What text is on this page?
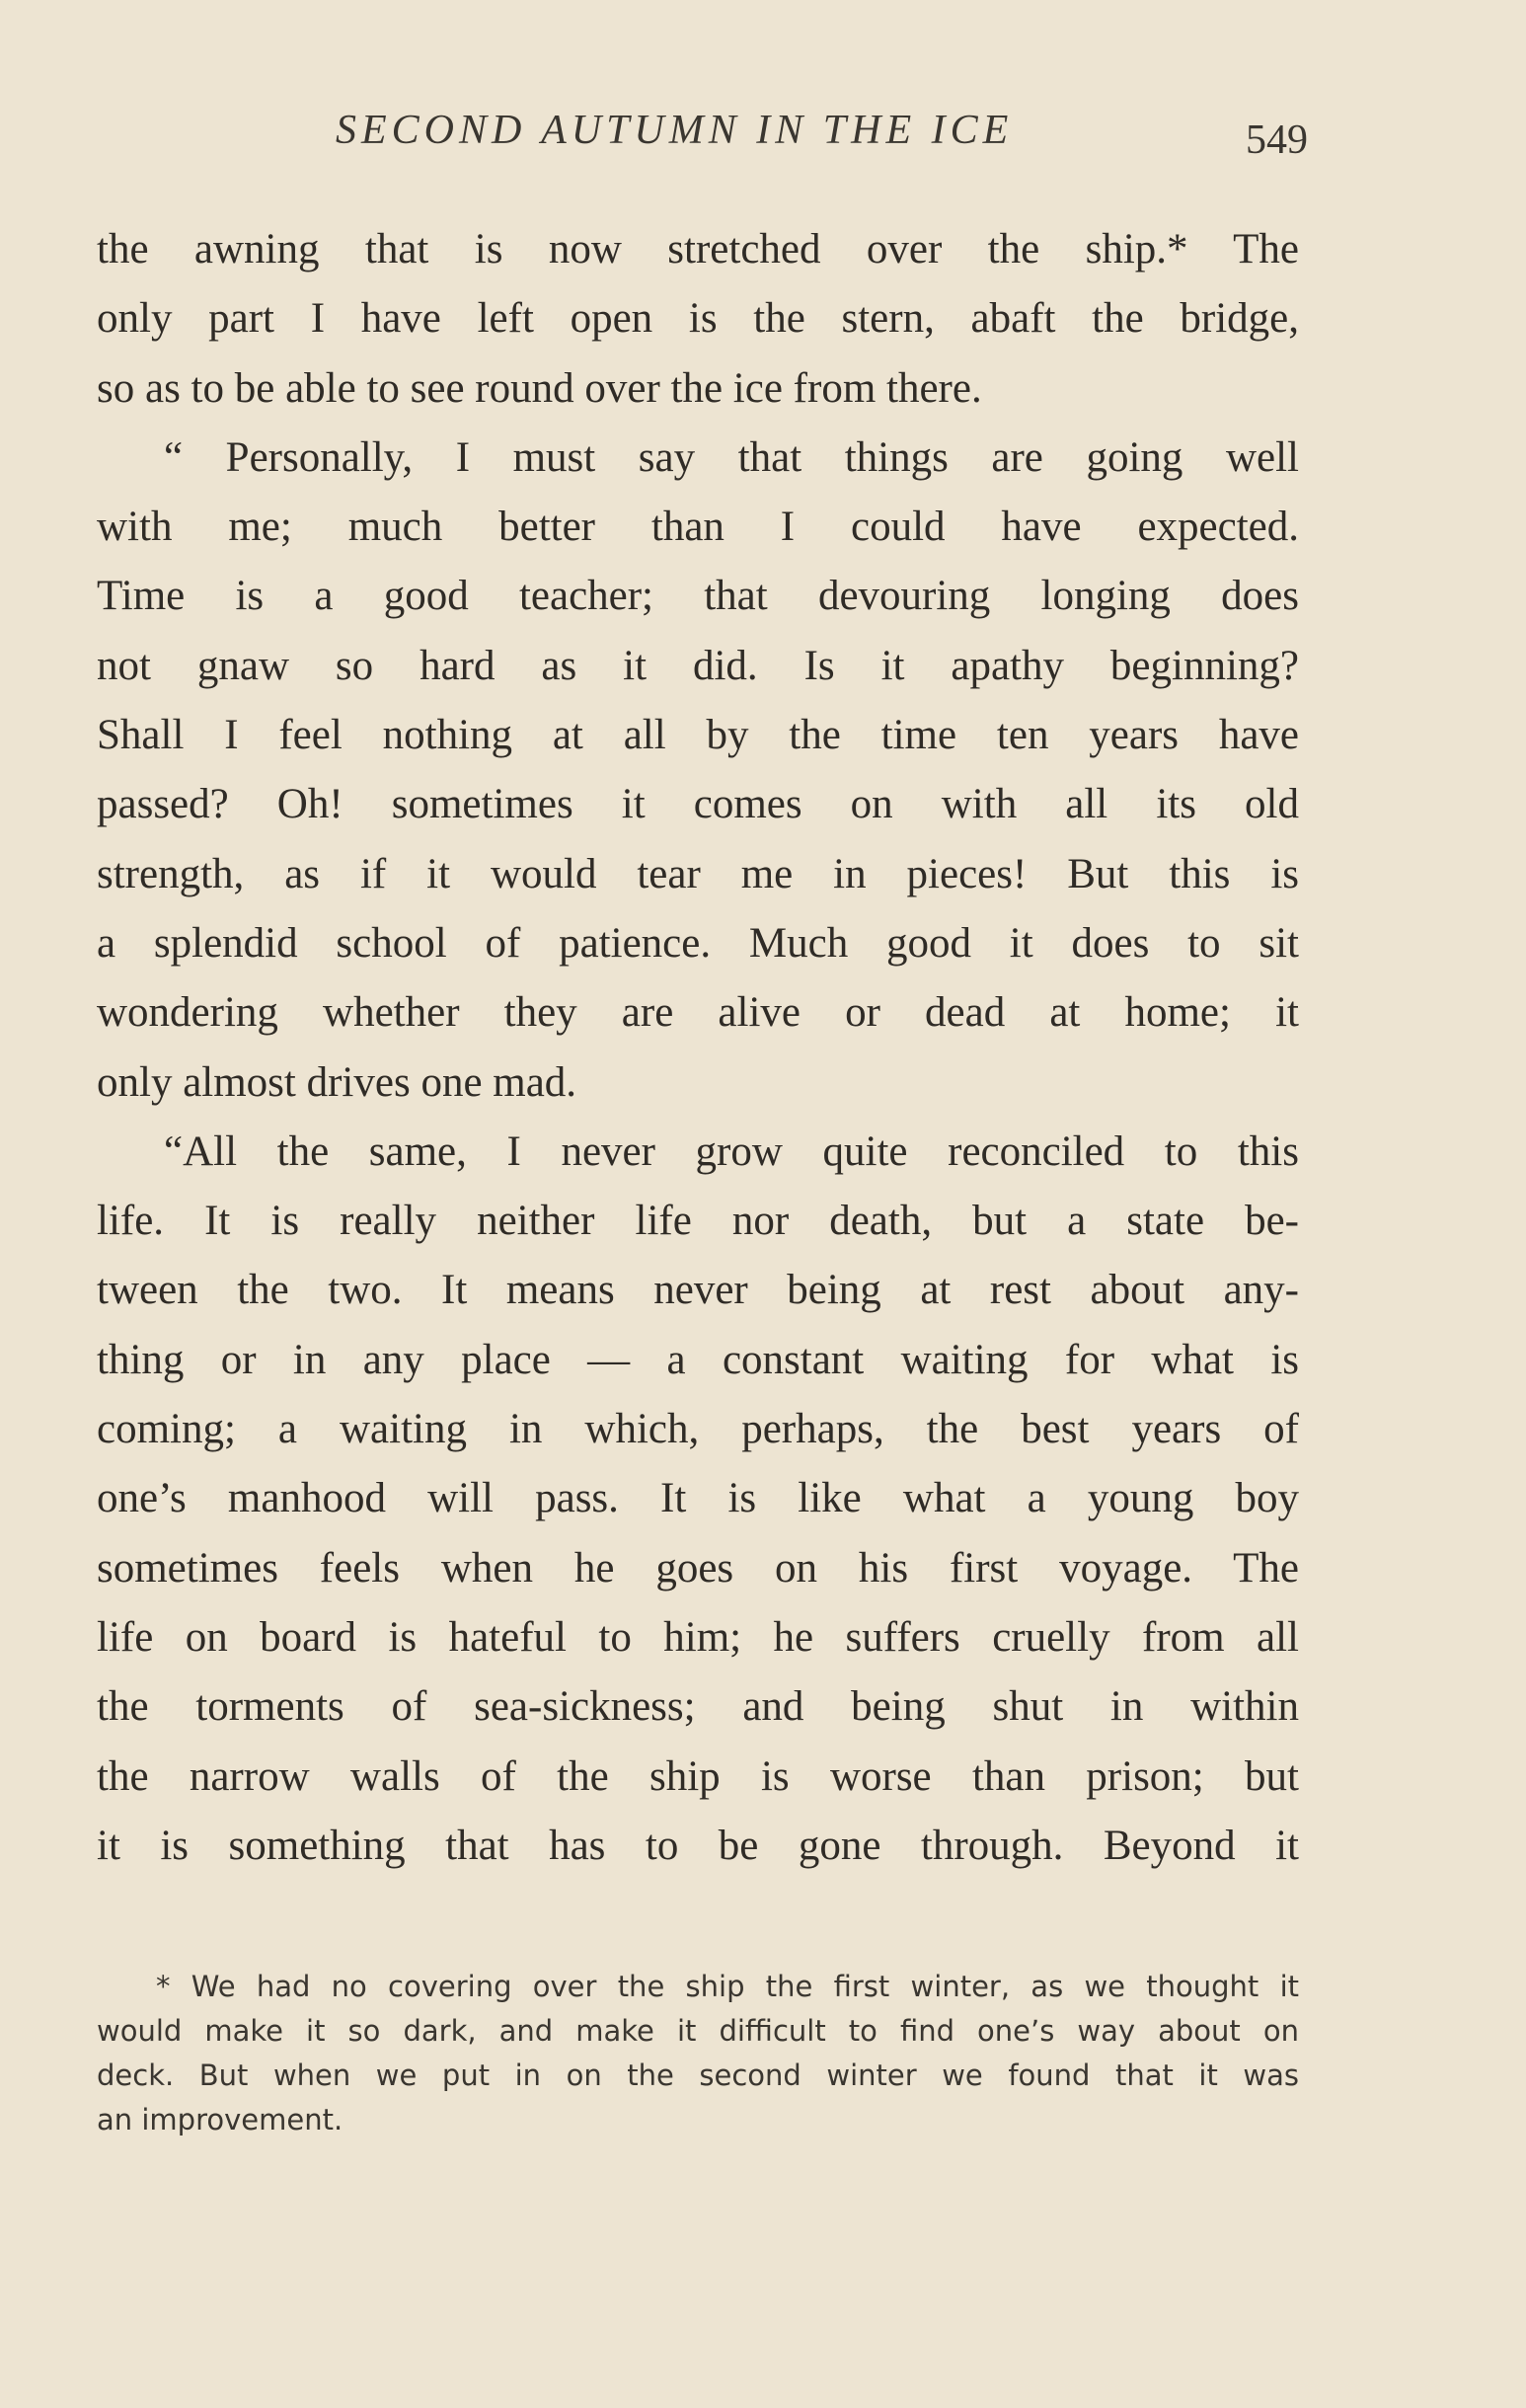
SECOND AUTUMN IN THE ICE	549
the awning that is now stretched over the ship.* The
only part I have left open is the stern, abaft the bridge,
so as to be able to see round over the ice from there.
“ Personally, I must say that things are going well
with me; much better than I could have expected.
Time is a good teacher; that devouring longing does
not gnaw so hard as it did. Is it apathy beginning?
Shall I feel nothing at all by the time ten years have
passed? Oh! sometimes it comes on with all its old
strength, as if it would tear me in pieces! But this is
a splendid school of patience. Much good it does to sit
wondering whether they are alive or dead at home; it
only almost drives one mad.
“All the same, I never grow quite reconciled to this
life. It is really neither life nor death, but a state be-
tween the two. It means never being at rest about any-
thing or in any place — a constant waiting for what is
coming; a waiting in which, perhaps, the best years of
one’s manhood will pass. It is like what a young boy
sometimes feels when he goes on his first voyage. The
life on board is hateful to him; he suffers cruelly from all
the torments of sea-sickness; and being shut in within
the narrow walls of the ship is worse than prison; but
it is something that has to be gone through. Beyond it
* We had no covering over the ship the first winter, as we thought it
would make it so dark, and make it difficult to find one’s way about on
deck. But when we put in on the second winter we found that it was
an improvement.
